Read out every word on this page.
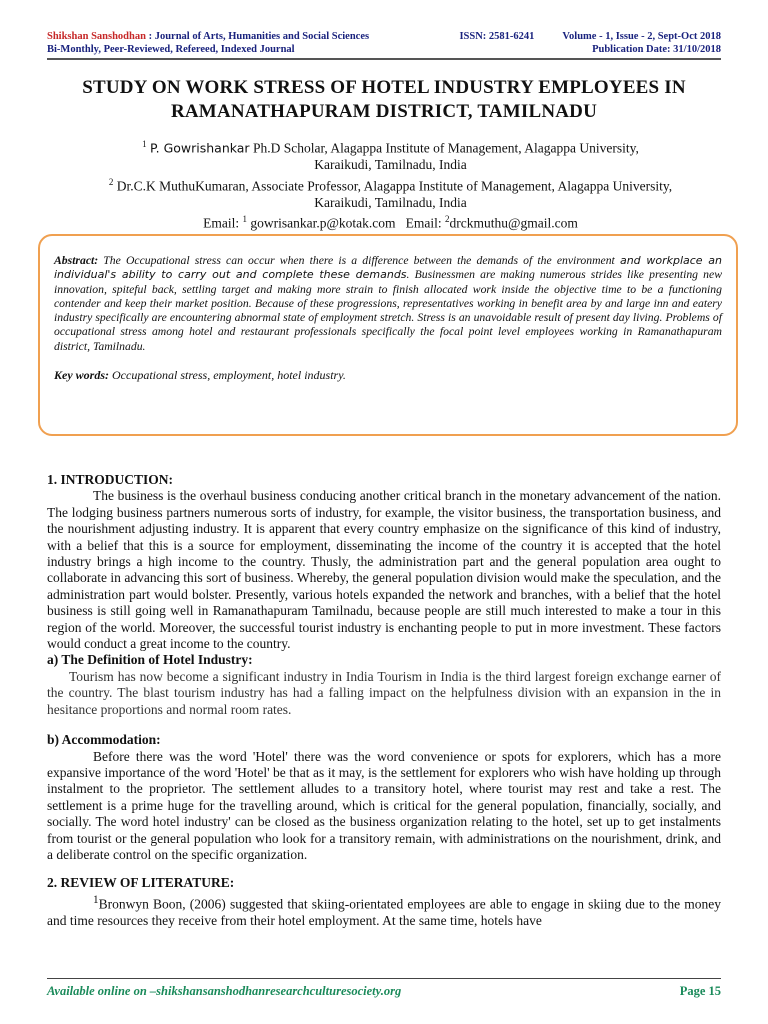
Shikshan Sanshodhan : Journal of Arts, Humanities and Social Sciences	ISSN: 2581-6241	Volume - 1, Issue - 2, Sept-Oct 2018
Bi-Monthly, Peer-Reviewed, Refereed, Indexed Journal	Publication Date: 31/10/2018
STUDY ON WORK STRESS OF HOTEL INDUSTRY EMPLOYEES IN
RAMANATHAPURAM DISTRICT, TAMILNADU
$^1$ P. Gowrishankar Ph.D Scholar, Alagappa Institute of Management, Alagappa University,
Karaikudi, Tamilnadu, India
$^2$ Dr.C.K MuthuKumaran, Associate Professor, Alagappa Institute of Management, Alagappa University,
Karaikudi, Tamilnadu, India
Email: $^1$ gowrisankar.p@kotak.com Email: $^2$drckmuthu@gmail.com

Abstract: The Occupational stress can occur when there is a difference between the demands of the environment and workplace an individual's ability to carry out and complete these demands. Businessmen are making numerous strides like presenting new innovation, spiteful back, settling target and making more strain to finish allocated work inside the objective time to be a functioning contender and keep their market position. Because of these progressions, representatives working in benefit area by and large inn and eatery industry specifically are encountering abnormal state of employment stretch. Stress is an unavoidable result of present day living. Problems of occupational stress among hotel and restaurant professionals specifically the focal point level employees working in Ramanathapuram district, Tamilnadu.

Key words: Occupational stress, employment, hotel industry.

1. INTRODUCTION:

The business is the overhaul business conducing another critical branch in the monetary advancement of the nation. The lodging business partners numerous sorts of industry, for example, the visitor business, the transportation business, and the nourishment adjusting industry. It is apparent that every country emphasize on the significance of this kind of industry, with a belief that this is a source for employment, disseminating the income of the country it is accepted that the hotel industry brings a high income to the country. Thusly, the administration part and the general population area ought to collaborate in advancing this sort of business. Whereby, the general population division would make the speculation, and the administration part would bolster. Presently, various hotels expanded the network and branches, with a belief that the hotel business is still going well in Ramanathapuram Tamilnadu, because people are still much interested to make a tour in this region of the world. Moreover, the successful tourist industry is enchanting people to put in more investment. These factors would conduct a great income to the country.

a) The Definition of Hotel Industry:

Tourism has now become a significant industry in India Tourism in India is the third largest foreign exchange earner of the country. The blast tourism industry has had a falling impact on the helpfulness division with an expansion in the in hesitance proportions and normal room rates.

b) Accommodation:

Before there was the word 'Hotel' there was the word convenience or spots for explorers, which has a more expansive importance of the word 'Hotel' be that as it may, is the settlement for explorers who wish have holding up through instalment to the proprietor. The settlement alludes to a transitory hotel, where tourist may rest and take a rest. The settlement is a prime huge for the travelling around, which is critical for the general population, financially, socially, and socially. The word hotel industry' can be closed as the business organization relating to the hotel, set up to get instalments from tourist or the general population who look for a transitory remain, with administrations on the nourishment, drink, and a deliberate control on the specific organization.

2. REVIEW OF LITERATURE:

$^1$Bronwyn Boon, (2006) suggested that skiing-orientated employees are able to engage in skiing due to the money and time resources they receive from their hotel employment. At the same time, hotels have

Available online on –shikshansanshodhanresearchculturesociety.org	Page 15
